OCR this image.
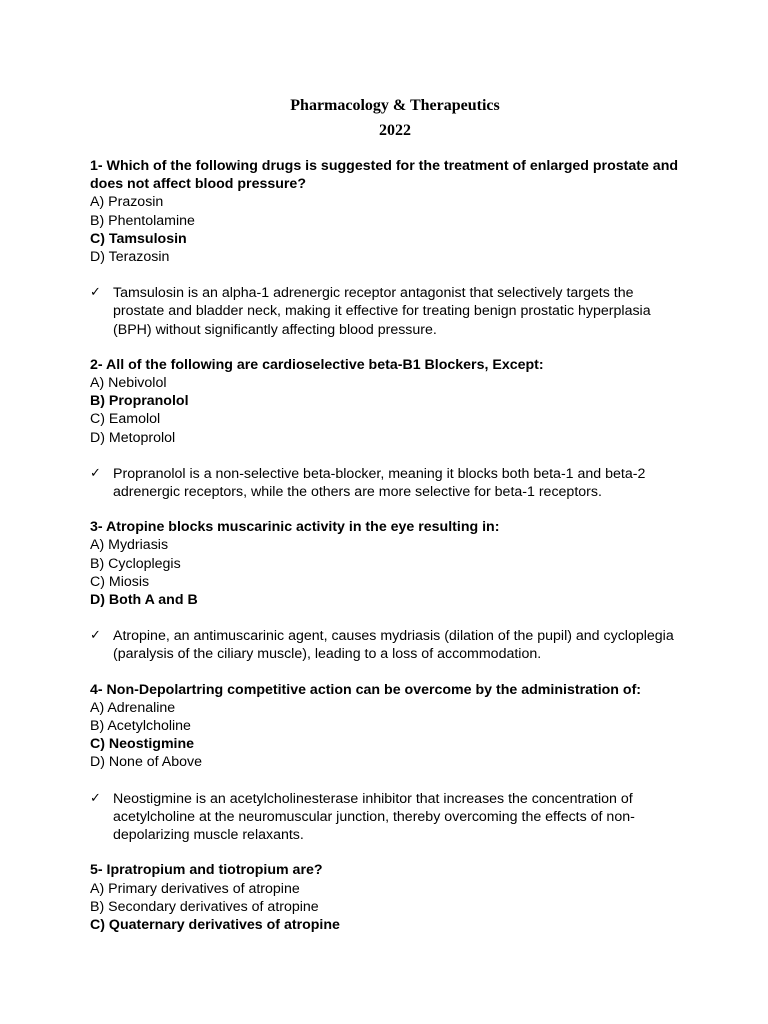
Pharmacology & Therapeutics
2022
1- Which of the following drugs is suggested for the treatment of enlarged prostate and does not affect blood pressure?
A) Prazosin
B) Phentolamine
C) Tamsulosin
D) Terazosin
✓ Tamsulosin is an alpha-1 adrenergic receptor antagonist that selectively targets the prostate and bladder neck, making it effective for treating benign prostatic hyperplasia (BPH) without significantly affecting blood pressure.
2- All of the following are cardioselective beta-B1 Blockers, Except:
A) Nebivolol
B) Propranolol
C) Eamolol
D) Metoprolol
✓ Propranolol is a non-selective beta-blocker, meaning it blocks both beta-1 and beta-2 adrenergic receptors, while the others are more selective for beta-1 receptors.
3- Atropine blocks muscarinic activity in the eye resulting in:
A) Mydriasis
B) Cycloplegis
C) Miosis
D) Both A and B
✓ Atropine, an antimuscarinic agent, causes mydriasis (dilation of the pupil) and cycloplegia (paralysis of the ciliary muscle), leading to a loss of accommodation.
4- Non-Depolartring competitive action can be overcome by the administration of:
A) Adrenaline
B) Acetylcholine
C) Neostigmine
D) None of Above
✓ Neostigmine is an acetylcholinesterase inhibitor that increases the concentration of acetylcholine at the neuromuscular junction, thereby overcoming the effects of non-depolarizing muscle relaxants.
5- Ipratropium and tiotropium are?
A) Primary derivatives of atropine
B) Secondary derivatives of atropine
C) Quaternary derivatives of atropine
